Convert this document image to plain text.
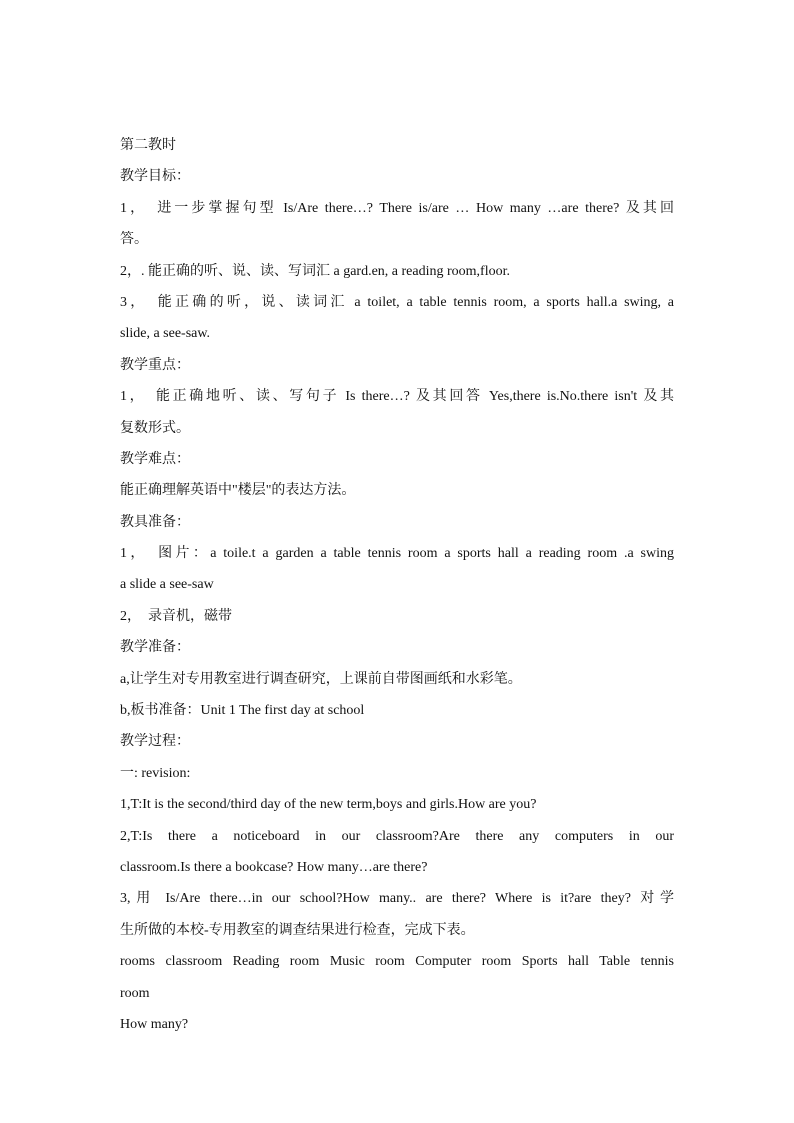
第二教时
教学目标：
1，　进一步掌握句型 Is/Are there…? There is/are … How many …are there? 及其回
答。
2，. 能正确的听、说、读、写词汇 a gard.en, a reading room,floor.
3，　能正确的听，说、读词汇 a toilet, a table tennis room, a sports hall.a swing, a
slide, a see-saw.
教学重点：
1，　能正确地听、读、写句子 Is there…? 及其回答 Yes,there is.No.there isn't 及其
复数形式。
教学难点：
能正确理解英语中"楼层"的表达方法。
教具准备：
1，　图片：a toile.t a garden a table tennis room a sports hall a reading room .a swing
a slide a see-saw
2，　录音机，磁带
教学准备：
a,让学生对专用教室进行调查研究，上课前自带图画纸和水彩笔。
b,板书准备：Unit 1 The first day at school
教学过程：
一: revision:
1,T:It is the second/third day of the new term,boys and girls.How are you?
2,T:Is there a noticeboard in our classroom?Are there any computers in our
classroom.Is there a bookcase? How many…are there?
3,用 Is/Are there…in our school?How many.. are there? Where is it?are they? 对学
生所做的本校-专用教室的调查结果进行检查，完成下表。
rooms classroom Reading room Music room Computer room Sports hall Table tennis
room
How many?
